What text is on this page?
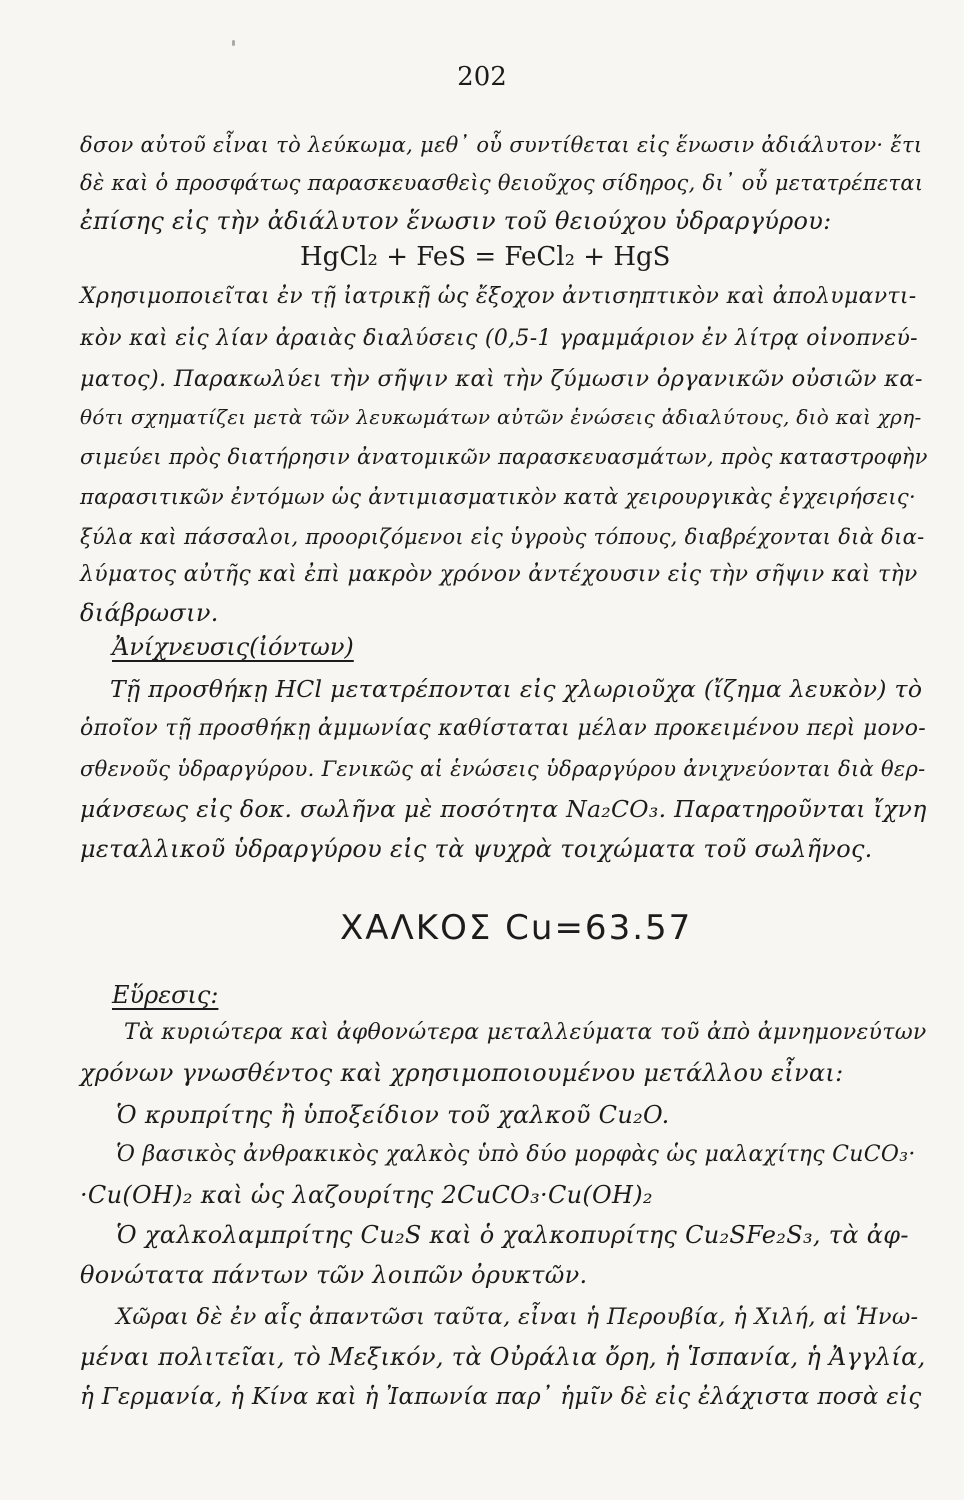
202
δσον αὐτοῦ εἶναι τὸ λεύκωμα, μεθ᾽ οὗ συντίθεται εἰς ἕνωσιν ἀδιάλυτον· ἔτι
δὲ καὶ ὁ προσφάτως παρασκευασθεὶς θειοῦχος σίδηρος, δι᾽ οὗ μετατρέπεται
ἐπίσης εἰς τὴν ἀδιάλυτον ἕνωσιν τοῦ θειούχου ὑδραργύρου:
HgCl₂ + FeS = FeCl₂ + HgS
Χρησιμοποιεῖται ἐν τῇ ἰατρικῇ ὡς ἔξοχον ἀντισηπτικὸν καὶ ἀπολυμαντι-
κὸν καὶ εἰς λίαν ἀραιὰς διαλύσεις (0,5-1 γραμμάριον ἐν λίτρᾳ οἰνοπνεύ-
ματος). Παρακωλύει τὴν σῆψιν καὶ τὴν ζύμωσιν ὀργανικῶν οὐσιῶν κα-
θότι σχηματίζει μετὰ τῶν λευκωμάτων αὐτῶν ἑνώσεις ἀδιαλύτους, διὸ καὶ χρη-
σιμεύει πρὸς διατήρησιν ἀνατομικῶν παρασκευασμάτων, πρὸς καταστροφὴν
παρασιτικῶν ἐντόμων ὡς ἀντιμιασματικὸν κατὰ χειρουργικὰς ἐγχειρήσεις·
ξύλα καὶ πάσσαλοι, προοριζόμενοι εἰς ὑγροὺς τόπους, διαβρέχονται διὰ δια-
λύματος αὐτῆς καὶ ἐπὶ μακρὸν χρόνον ἀντέχουσιν εἰς τὴν σῆψιν καὶ τὴν
διάβρωσιν.
Ἀνίχνευσις(ἰόντων)
Τῇ προσθήκῃ HCl μετατρέπονται εἰς χλωριοῦχα (ἴζημα λευκὸν) τὸ
ὁποῖον τῇ προσθήκῃ ἀμμωνίας καθίσταται μέλαν προκειμένου περὶ μονο-
σθενοῦς ὑδραργύρου. Γενικῶς αἱ ἑνώσεις ὑδραργύρου ἀνιχνεύονται διὰ θερ-
μάνσεως εἰς δοκ. σωλῆνα μὲ ποσότητα Na₂CO₃. Παρατηροῦνται ἴχνη
μεταλλικοῦ ὑδραργύρου εἰς τὰ ψυχρὰ τοιχώματα τοῦ σωλῆνος.
ΧΑΛΚΟΣ Cu=63.57
Εὕρεσις:
Τὰ κυριώτερα καὶ ἀφθονώτερα μεταλλεύματα τοῦ ἀπὸ ἀμνημονεύτων
χρόνων γνωσθέντος καὶ χρησιμοποιουμένου μετάλλου εἶναι:
Ὁ κρυπρίτης ἢ ὑποξείδιον τοῦ χαλκοῦ Cu₂O.
Ὁ βασικὸς ἀνθρακικὸς χαλκὸς ὑπὸ δύο μορφὰς ὡς μαλαχίτης CuCO₃·
·Cu(OH)₂ καὶ ὡς λαζουρίτης 2CuCO₃·Cu(OH)₂
Ὁ χαλκολαμπρίτης Cu₂S καὶ ὁ χαλκοπυρίτης Cu₂SFe₂S₃, τὰ ἀφ-
θονώτατα πάντων τῶν λοιπῶν ὀρυκτῶν.
Χῶραι δὲ ἐν αἷς ἀπαντῶσι ταῦτα, εἶναι ἡ Περουβία, ἡ Χιλή, αἱ Ἡνω-
μέναι πολιτεῖαι, τὸ Μεξικόν, τὰ Οὐράλια ὄρη, ἡ Ἱσπανία, ἡ Ἀγγλία,
ἡ Γερμανία, ἡ Κίνα καὶ ἡ Ἰαπωνία παρ᾽ ἡμῖν δὲ εἰς ἐλάχιστα ποσὰ εἰς
